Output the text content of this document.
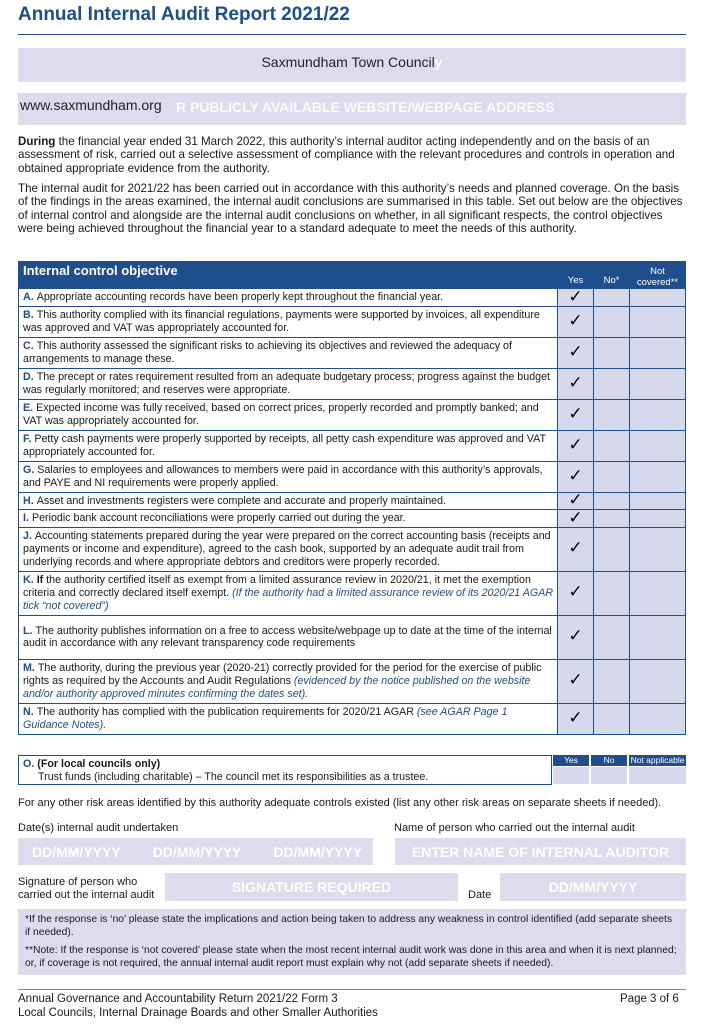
Annual Internal Audit Report 2021/22
Saxmundham Town Councily
www.saxmundham.org R PUBLICLY AVAILABLE WEBSITE/WEBPAGE ADDRESS
During the financial year ended 31 March 2022, this authority’s internal auditor acting independently and on the basis of an assessment of risk, carried out a selective assessment of compliance with the relevant procedures and controls in operation and obtained appropriate evidence from the authority.
The internal audit for 2021/22 has been carried out in accordance with this authority’s needs and planned coverage. On the basis of the findings in the areas examined, the internal audit conclusions are summarised in this table. Set out below are the objectives of internal control and alongside are the internal audit conclusions on whether, in all significant respects, the control objectives were being achieved throughout the financial year to a standard adequate to meet the needs of this authority.
Internal control objective	Yes	No*	Not covered**
A. Appropriate accounting records have been properly kept throughout the financial year.	✓		
B. This authority complied with its financial regulations, payments were supported by invoices, all expenditure was approved and VAT was appropriately accounted for.	✓		
C. This authority assessed the significant risks to achieving its objectives and reviewed the adequacy of arrangements to manage these.	✓		
D. The precept or rates requirement resulted from an adequate budgetary process; progress against the budget was regularly monitored; and reserves were appropriate.	✓		
E. Expected income was fully received, based on correct prices, properly recorded and promptly banked; and VAT was appropriately accounted for.	✓		
F. Petty cash payments were properly supported by receipts, all petty cash expenditure was approved and VAT appropriately accounted for.	✓		
G. Salaries to employees and allowances to members were paid in accordance with this authority’s approvals, and PAYE and NI requirements were properly applied.	✓		
H. Asset and investments registers were complete and accurate and properly maintained.	✓		
I. Periodic bank account reconciliations were properly carried out during the year.	✓		
J. Accounting statements prepared during the year were prepared on the correct accounting basis (receipts and payments or income and expenditure), agreed to the cash book, supported by an adequate audit trail from underlying records and where appropriate debtors and creditors were properly recorded.	✓		
K. If the authority certified itself as exempt from a limited assurance review in 2020/21, it met the exemption criteria and correctly declared itself exempt. (If the authority had a limited assurance review of its 2020/21 AGAR tick “not covered”)	✓		
L. The authority publishes information on a free to access website/webpage up to date at the time of the internal audit in accordance with any relevant transparency code requirements	✓		
M. The authority, during the previous year (2020-21) correctly provided for the period for the exercise of public rights as required by the Accounts and Audit Regulations (evidenced by the notice published on the website and/or authority approved minutes confirming the dates set).	✓		
N. The authority has complied with the publication requirements for 2020/21 AGAR (see AGAR Page 1 Guidance Notes).	✓		
O. (For local councils only)
Trust funds (including charitable) – The council met its responsibilities as a trustee.
Yes	No	Not applicable
For any other risk areas identified by this authority adequate controls existed (list any other risk areas on separate sheets if needed).
Date(s) internal audit undertaken	Name of person who carried out the internal audit
DD/MM/YYYY DD/MM/YYYY DD/MM/YYYY	ENTER NAME OF INTERNAL AUDITOR
Signature of person who
carried out the internal audit	SIGNATURE REQUIRED	Date	DD/MM/YYYY
*If the response is ‘no’ please state the implications and action being taken to address any weakness in control identified (add separate sheets if needed).
**Note: If the response is ‘not covered’ please state when the most recent internal audit work was done in this area and when it is next planned; or, if coverage is not required, the annual internal audit report must explain why not (add separate sheets if needed).
Annual Governance and Accountability Return 2021/22 Form 3
Local Councils, Internal Drainage Boards and other Smaller Authorities
Page 3 of 6
